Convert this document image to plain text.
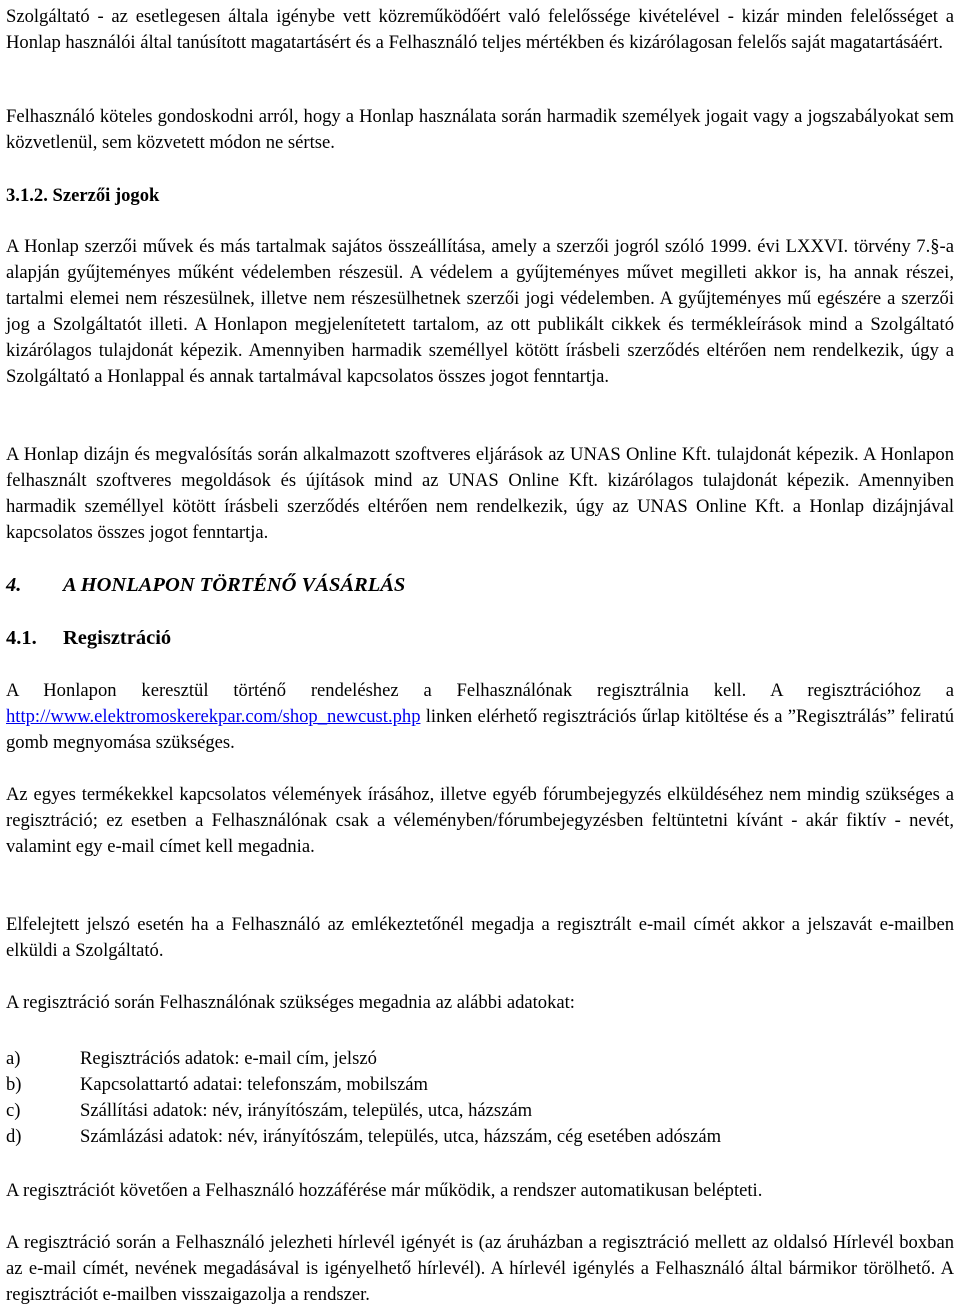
Szolgáltató - az esetlegesen általa igénybe vett közreműködőért való felelőssége kivételével - kizár minden felelősséget a Honlap használói által tanúsított magatartásért és a Felhasználó teljes mértékben és kizárólagosan felelős saját magatartásáért.

Felhasználó köteles gondoskodni arról, hogy a Honlap használata során harmadik személyek jogait vagy a jogszabályokat sem közvetlenül, sem közvetett módon ne sértse.

3.1.2. Szerzői jogok

A Honlap szerzői művek és más tartalmak sajátos összeállítása, amely a szerzői jogról szóló 1999. évi LXXVI. törvény 7.§-a alapján gyűjteményes műként védelemben részesül. A védelem a gyűjteményes művet megilleti akkor is, ha annak részei, tartalmi elemei nem részesülnek, illetve nem részesülhetnek szerzői jogi védelemben. A gyűjteményes mű egészére a szerzői jog a Szolgáltatót illeti. A Honlapon megjelenítetett tartalom, az ott publikált cikkek és termékleírások mind a Szolgáltató kizárólagos tulajdonát képezik. Amennyiben harmadik személlyel kötött írásbeli szerződés eltérően nem rendelkezik, úgy a Szolgáltató a Honlappal és annak tartalmával kapcsolatos összes jogot fenntartja.

A Honlap dizájn és megvalósítás során alkalmazott szoftveres eljárások az UNAS Online Kft. tulajdonát képezik. A Honlapon felhasznált szoftveres megoldások és újítások mind az UNAS Online Kft. kizárólagos tulajdonát képezik. Amennyiben harmadik személlyel kötött írásbeli szerződés eltérően nem rendelkezik, úgy az UNAS Online Kft. a Honlap dizájnjával kapcsolatos összes jogot fenntartja.

4. A HONLAPON TÖRTÉNŐ VÁSÁRLÁS
4.1. Regisztráció

A Honlapon keresztül történő rendeléshez a Felhasználónak regisztrálnia kell. A regisztrációhoz a http://www.elektromoskerekpar.com/shop_newcust.php linken elérhető regisztrációs űrlap kitöltése és a ”Regisztrálás” feliratú gomb megnyomása szükséges.

Az egyes termékekkel kapcsolatos vélemények írásához, illetve egyéb fórumbejegyzés elküldéséhez nem mindig szükséges a regisztráció; ez esetben a Felhasználónak csak a véleményben/fórumbejegyzésben feltüntetni kívánt - akár fiktív - nevét, valamint egy e-mail címet kell megadnia.

Elfelejtett jelszó esetén ha a Felhasználó az emlékeztetőnél megadja a regisztrált e-mail címét akkor a jelszavát e-mailben elküldi a Szolgáltató.

A regisztráció során Felhasználónak szükséges megadnia az alábbi adatokat:

a)	Regisztrációs adatok: e-mail cím, jelszó
b)	Kapcsolattartó adatai: telefonszám, mobilszám
c)	Szállítási adatok: név, irányítószám, település, utca, házszám
d)	Számlázási adatok: név, irányítószám, település, utca, házszám, cég esetében adószám

A regisztrációt követően a Felhasználó hozzáférése már működik, a rendszer automatikusan belépteti.

A regisztráció során a Felhasználó jelezheti hírlevél igényét is (az áruházban a regisztráció mellett az oldalsó Hírlevél boxban az e-mail címét, nevének megadásával is igényelhető hírlevél). A hírlevél igénylés a Felhasználó által bármikor törölhető. A regisztrációt e-mailben visszaigazolja a rendszer.
